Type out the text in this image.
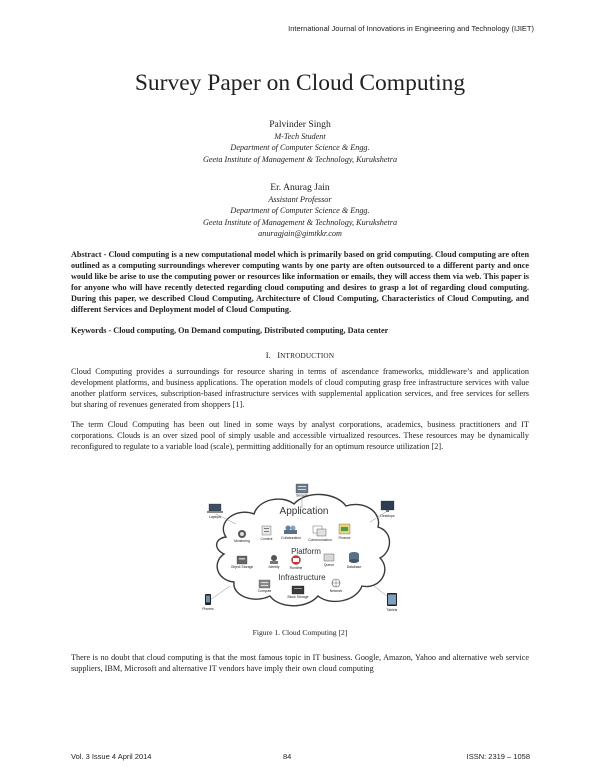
International Journal of Innovations in Engineering and Technology (IJIET)
Survey Paper on Cloud Computing
Palvinder Singh
M-Tech Student
Department of Computer Science & Engg.
Geeta Institute of Management & Technology, Kurukshetra
Er. Anurag Jain
Assistant Professor
Department of Computer Science & Engg.
Geeta Institute of Management & Technology, Kurukshetra
anuragjain@gimtkkr.com
Abstract - Cloud computing is a new computational model which is primarily based on grid computing. Cloud computing are often outlined as a computing surroundings wherever computing wants by one party are often outsourced to a different party and once would like be arise to use the computing power or resources like information or emails, they will access them via web. This paper is for anyone who will have recently detected regarding cloud computing and desires to grasp a lot of regarding cloud computing. During this paper, we described Cloud Computing, Architecture of Cloud Computing, Characteristics of Cloud Computing, and different Services and Deployment model of Cloud Computing.
Keywords - Cloud computing, On Demand computing, Distributed computing, Data center
I. INTRODUCTION
Cloud Computing provides a surroundings for resource sharing in terms of ascendance frameworks, middleware’s and application development platforms, and business applications. The operation models of cloud computing grasp free infrastructure services with value another platform services, subscription-based infrastructure services with supplemental application services, and free services for sellers but sharing of revenues generated from shoppers [1].
The term Cloud Computing has been out lined in some ways by analyst corporations, academics, business practitioners and IT corporations. Clouds is an over sized pool of simply usable and accessible virtualized resources. These resources may be dynamically reconfigured to regulate to a variable load (scale), permitting additionally for an optimum resource utilization [2].
Servers
Laptops	Desktops
Phones	Tablets
Application
Platform
Infrastructure
Monitoring	Content	Collaboration Communication Finance
Object Storage	Identity	Runtime
Queue	Database
Compute
Block Storage
Network
Figure 1. Cloud Computing [2]
There is no doubt that cloud computing is that the most famous topic in IT business. Google, Amazon, Yahoo and alternative web service suppliers, IBM, Microsoft and alternative IT vendors have imply their own cloud computing
Vol. 3 Issue 4 April 2014	84	ISSN: 2319 – 1058
